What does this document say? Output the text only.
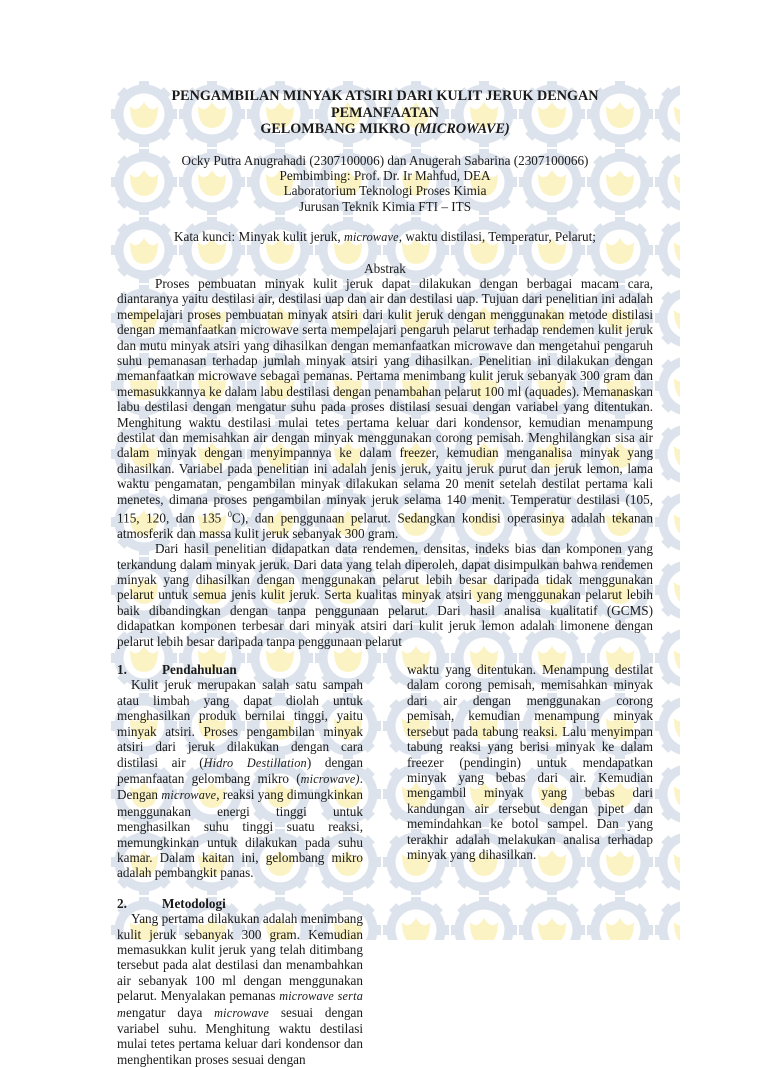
PENGAMBILAN MINYAK ATSIRI DARI KULIT JERUK DENGAN PEMANFAATAN
GELOMBANG MIKRO (MICROWAVE)
Ocky Putra Anugrahadi (2307100006) dan Anugerah Sabarina (2307100066)
Pembimbing: Prof. Dr. Ir Mahfud, DEA
Laboratorium Teknologi Proses Kimia
Jurusan Teknik Kimia FTI – ITS
Kata kunci: Minyak kulit jeruk, microwave, waktu distilasi, Temperatur, Pelarut;
Abstrak

Proses pembuatan minyak kulit jeruk dapat dilakukan dengan berbagai macam cara, diantaranya yaitu destilasi air, destilasi uap dan air dan destilasi uap. Tujuan dari penelitian ini adalah mempelajari proses pembuatan minyak atsiri dari kulit jeruk dengan menggunakan metode distilasi dengan memanfaatkan microwave serta mempelajari pengaruh pelarut terhadap rendemen kulit jeruk dan mutu minyak atsiri yang dihasilkan dengan memanfaatkan microwave dan mengetahui pengaruh suhu pemanasan terhadap jumlah minyak atsiri yang dihasilkan. Penelitian ini dilakukan dengan memanfaatkan microwave sebagai pemanas. Pertama menimbang kulit jeruk sebanyak 300 gram dan memasukkannya ke dalam labu destilasi dengan penambahan pelarut 100 ml (aquades). Memanaskan labu destilasi dengan mengatur suhu pada proses distilasi sesuai dengan variabel yang ditentukan. Menghitung waktu destilasi mulai tetes pertama keluar dari kondensor, kemudian menampung destilat dan memisahkan air dengan minyak menggunakan corong pemisah. Menghilangkan sisa air dalam minyak dengan menyimpannya ke dalam freezer, kemudian menganalisa minyak yang dihasilkan. Variabel pada penelitian ini adalah jenis jeruk, yaitu jeruk purut dan jeruk lemon, lama waktu pengamatan, pengambilan minyak dilakukan selama 20 menit setelah destilat pertama kali menetes, dimana proses pengambilan minyak jeruk selama 140 menit. Temperatur destilasi (105, 115, 120, dan 135 $^0$C), dan penggunaan pelarut. Sedangkan kondisi operasinya adalah tekanan atmosferik dan massa kulit jeruk sebanyak 300 gram.

Dari hasil penelitian didapatkan data rendemen, densitas, indeks bias dan komponen yang terkandung dalam minyak jeruk. Dari data yang telah diperoleh, dapat disimpulkan bahwa rendemen minyak yang dihasilkan dengan menggunakan pelarut lebih besar daripada tidak menggunakan pelarut untuk semua jenis kulit jeruk. Serta kualitas minyak atsiri yang menggunakan pelarut lebih baik dibandingkan dengan tanpa penggunaan pelarut. Dari hasil analisa kualitatif (GCMS) didapatkan komponen terbesar dari minyak atsiri dari kulit jeruk lemon adalah limonene dengan pelarut lebih besar daripada tanpa penggunaan pelarut

1.	Pendahuluan

Kulit jeruk merupakan salah satu sampah atau limbah yang dapat diolah untuk menghasilkan produk bernilai tinggi, yaitu minyak atsiri. Proses pengambilan minyak atsiri dari jeruk dilakukan dengan cara distilasi air (Hidro Destillation) dengan pemanfaatan gelombang mikro (microwave). Dengan microwave, reaksi yang dimungkinkan menggunakan energi tinggi untuk menghasilkan suhu tinggi suatu reaksi, memungkinkan untuk dilakukan pada suhu kamar. Dalam kaitan ini, gelombang mikro adalah pembangkit panas.

2.	Metodologi

Yang pertama dilakukan adalah menimbang kulit jeruk sebanyak 300 gram. Kemudian memasukkan kulit jeruk yang telah ditimbang tersebut pada alat destilasi dan menambahkan air sebanyak 100 ml dengan menggunakan pelarut. Menyalakan pemanas microwave serta mengatur daya microwave sesuai dengan variabel suhu. Menghitung waktu destilasi mulai tetes pertama keluar dari kondensor dan menghentikan proses sesuai dengan

waktu yang ditentukan. Menampung destilat dalam corong pemisah, memisahkan minyak dari air dengan menggunakan corong pemisah, kemudian menampung minyak tersebut pada tabung reaksi. Lalu menyimpan tabung reaksi yang berisi minyak ke dalam freezer (pendingin) untuk mendapatkan minyak yang bebas dari air. Kemudian mengambil minyak yang bebas dari kandungan air tersebut dengan pipet dan memindahkan ke botol sampel. Dan yang terakhir adalah melakukan analisa terhadap minyak yang dihasilkan.
